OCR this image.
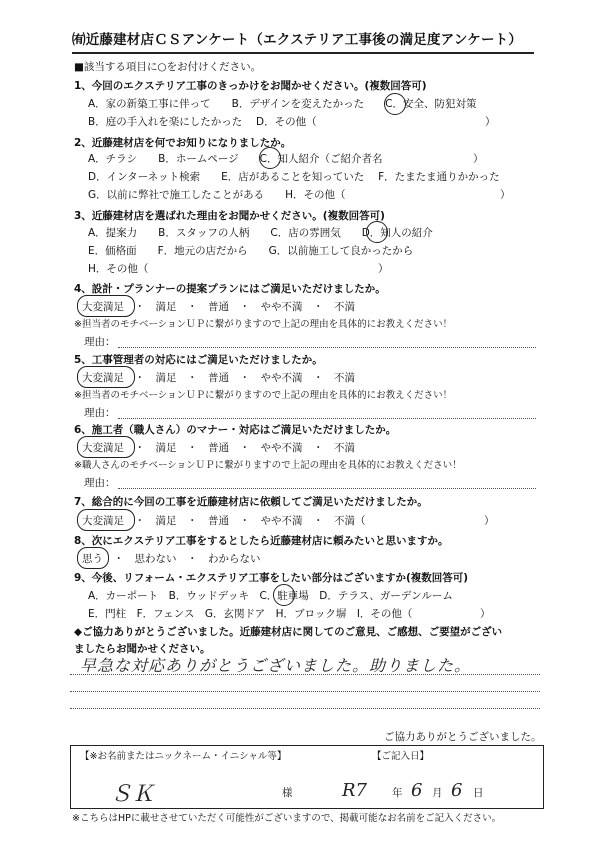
㈲近藤建材店ＣＳアンケート（エクステリア工事後の満足度アンケート）
■該当する項目に○をお付けください。
1、今回のエクステリア工事のきっかけをお聞かせください。(複数回答可)
A．家の新築工事に伴って　　B．デザインを変えたかった　　C．安全、防犯対策
B．庭の手入れを楽にしたかった　 D．その他（	）
2、近藤建材店を何でお知りになりましたか。
A．チラシ　　B．ホームページ　　C．知人紹介（ご紹介者名	）
D．インターネット検索　　E．店があることを知っていた　 F．たまたま通りかかった
G．以前に弊社で施工したことがある　　H．その他（	）
3、近藤建材店を選ばれた理由をお聞かせください。(複数回答可)
A．提案力　　B．スタッフの人柄　　C．店の雰囲気　　D．知人の紹介
E．価格面　　F．地元の店だから　　G．以前施工して良かったから
H．その他（	）
4、設計・プランナーの提案プランにはご満足いただけましたか。
大変満足　・　満足　・　普通　・　やや不満　・　不満
※担当者のモチベーションＵＰに繋がりますので上記の理由を具体的にお教えください！
理由：
5、工事管理者の対応にはご満足いただけましたか。
大変満足　・　満足　・　普通　・　やや不満　・　不満
※担当者のモチベーションＵＰに繋がりますので上記の理由を具体的にお教えください！
理由：
6、施工者（職人さん）のマナー・対応はご満足いただけましたか。
大変満足　・　満足　・　普通　・　やや不満　・　不満
※職人さんのモチベーションＵＰに繋がりますので上記の理由を具体的にお教えください！
理由：
7、総合的に今回の工事を近藤建材店に依頼してご満足いただけましたか。
大変満足　・　満足　・　普通　・　やや不満　・　不満（	）
8、次にエクステリア工事をするとしたら近藤建材店に頼みたいと思いますか。
思う　・　思わない　・　わからない
9、今後、リフォーム・エクステリア工事をしたい部分はございますか(複数回答可)
A．カーポート　B．ウッドデッキ　C．駐車場　D．テラス、ガーデンルーム
E．門柱　F．フェンス　G．玄関ドア　H．ブロック塀　I．その他（	）
◆ご協力ありがとうございました。近藤建材店に関してのご意見、ご感想、ご要望がござい
ましたらお聞かせください。
早急な対応ありがとうございました。助りました。
ご協力ありがとうございました。
【※お名前またはニックネーム・イニシャル等】	【ご記入日】
ＳＫ	様	R7 年 6 月 6 日
※こちらはHPに載せさせていただく可能性がございますので、掲載可能なお名前をご記入ください。
